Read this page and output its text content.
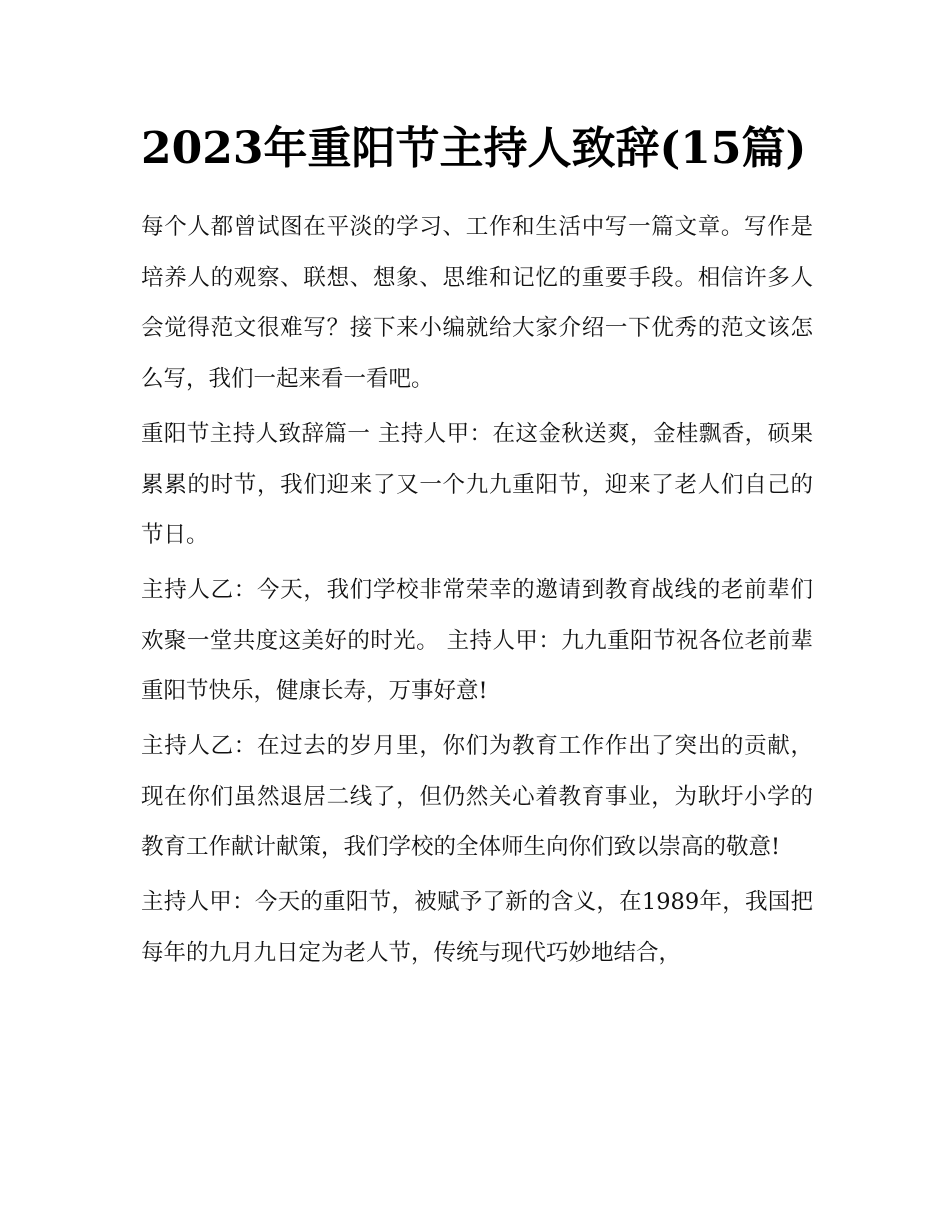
2023年重阳节主持人致辞(15篇)

每个人都曾试图在平淡的学习、工作和生活中写一篇文章。写作是培养人的观察、联想、想象、思维和记忆的重要手段。相信许多人会觉得范文很难写？接下来小编就给大家介绍一下优秀的范文该怎么写，我们一起来看一看吧。

重阳节主持人致辞篇一 主持人甲：在这金秋送爽，金桂飘香，硕果累累的时节，我们迎来了又一个九九重阳节，迎来了老人们自己的节日。

主持人乙：今天，我们学校非常荣幸的邀请到教育战线的老前辈们欢聚一堂共度这美好的时光。 主持人甲：九九重阳节祝各位老前辈重阳节快乐，健康长寿，万事好意!

主持人乙：在过去的岁月里，你们为教育工作作出了突出的贡献，现在你们虽然退居二线了，但仍然关心着教育事业，为耿圩小学的教育工作献计献策，我们学校的全体师生向你们致以崇高的敬意!

主持人甲：今天的重阳节，被赋予了新的含义，在1989年，我国把每年的九月九日定为老人节，传统与现代巧妙地结合，
